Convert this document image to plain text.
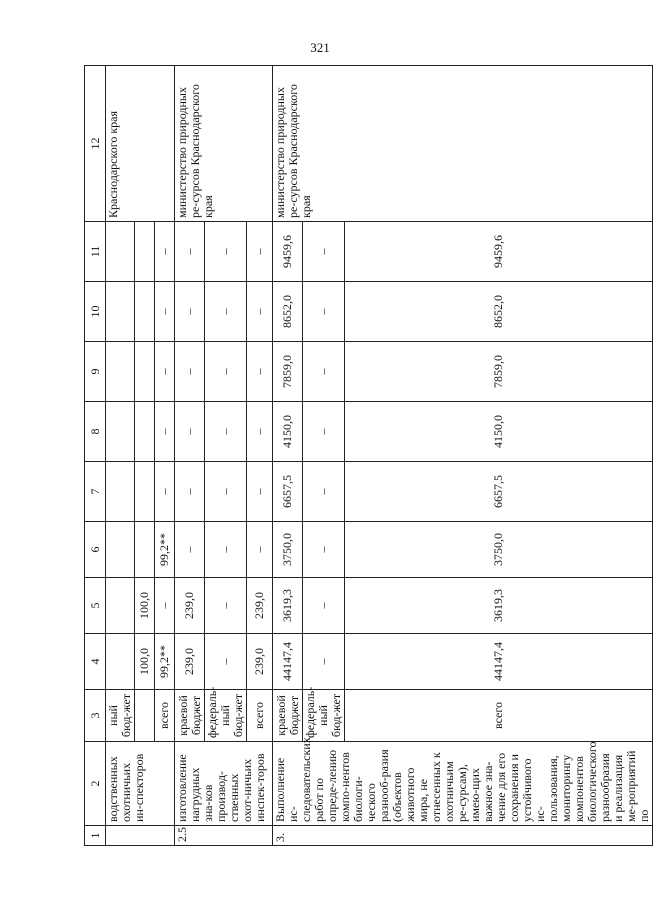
321
1	2	3	4	5	6	7	8	9	10	11	12
	водственных охотничьих ин-спекторов	ный бюд-жет									Краснодарского края
			100,0	100,0							
		всего	99,2**	–	99,2**	–	–	–	–	–	
2.5	изготовление нагрудных зна-ков производ-ственных охот-ничьих инспек-торов	краевой бюджет	239,0	239,0	–	–	–	–	–	–	министерство природных ре-сурсов Краснодарского края
		федераль-ный бюд-жет	–	–	–	–	–	–	–	–	
		всего	239,0	239,0	–	–	–	–	–	–	
3.	Выполнение ис-следовательских работ по опреде-лению компо-нентов биологи-ческого разнооб-разия (объектов животного мира, не отнесенных к охотничьим ре-сурсам), имею-щих важное зна-чение для его сохранения и устойчивого ис-пользования, мониторингу компонентов биологического разнообразия и реализация ме-роприятий по	краевой бюджет	44147,4	3619,3	3750,0	6657,5	4150,0	7859,0	8652,0	9459,6	министерство природных ре-сурсов Краснодарского края
		федераль-ный бюд-жет	–	–	–	–	–	–	–	–	
		всего	44147,4	3619,3	3750,0	6657,5	4150,0	7859,0	8652,0	9459,6	
